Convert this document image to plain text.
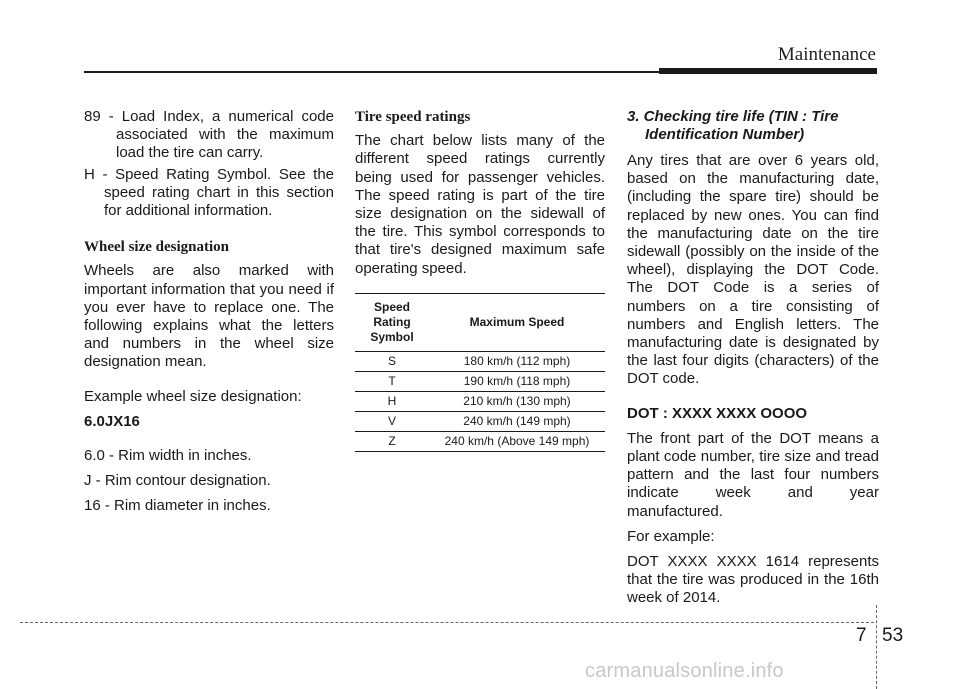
Maintenance

89 - Load Index, a numerical code associated with the maximum load the tire can carry.

H - Speed Rating Symbol. See the speed rating chart in this section for additional information.

Wheel size designation

Wheels are also marked with important information that you need if you ever have to replace one. The following explains what the letters and numbers in the wheel size designation mean.

Example wheel size designation:

6.0JX16

6.0 - Rim width in inches.

J - Rim contour designation.

16 - Rim diameter in inches.

Tire speed ratings

The chart below lists many of the different speed ratings currently being used for passenger vehicles. The speed rating is part of the tire size designation on the sidewall of the tire. This symbol corresponds to that tire's designed maximum safe operating speed.

Speed Rating Symbol	Maximum Speed
S	180 km/h (112 mph)
T	190 km/h (118 mph)
H	210 km/h (130 mph)
V	240 km/h (149 mph)
Z	240 km/h (Above 149 mph)
3. Checking tire life (TIN : Tire Identification Number)

Any tires that are over 6 years old, based on the manufacturing date, (including the spare tire) should be replaced by new ones. You can find the manufacturing date on the tire sidewall (possibly on the inside of the wheel), displaying the DOT Code. The DOT Code is a series of numbers on a tire consisting of numbers and English letters. The manufacturing date is designated by the last four digits (characters) of the DOT code.

DOT : XXXX XXXX OOOO

The front part of the DOT means a plant code number, tire size and tread pattern and the last four numbers indicate week and year manufactured.

For example:

DOT XXXX XXXX 1614 represents that the tire was produced in the 16th week of 2014.

7 53
carmanualsonline.info
